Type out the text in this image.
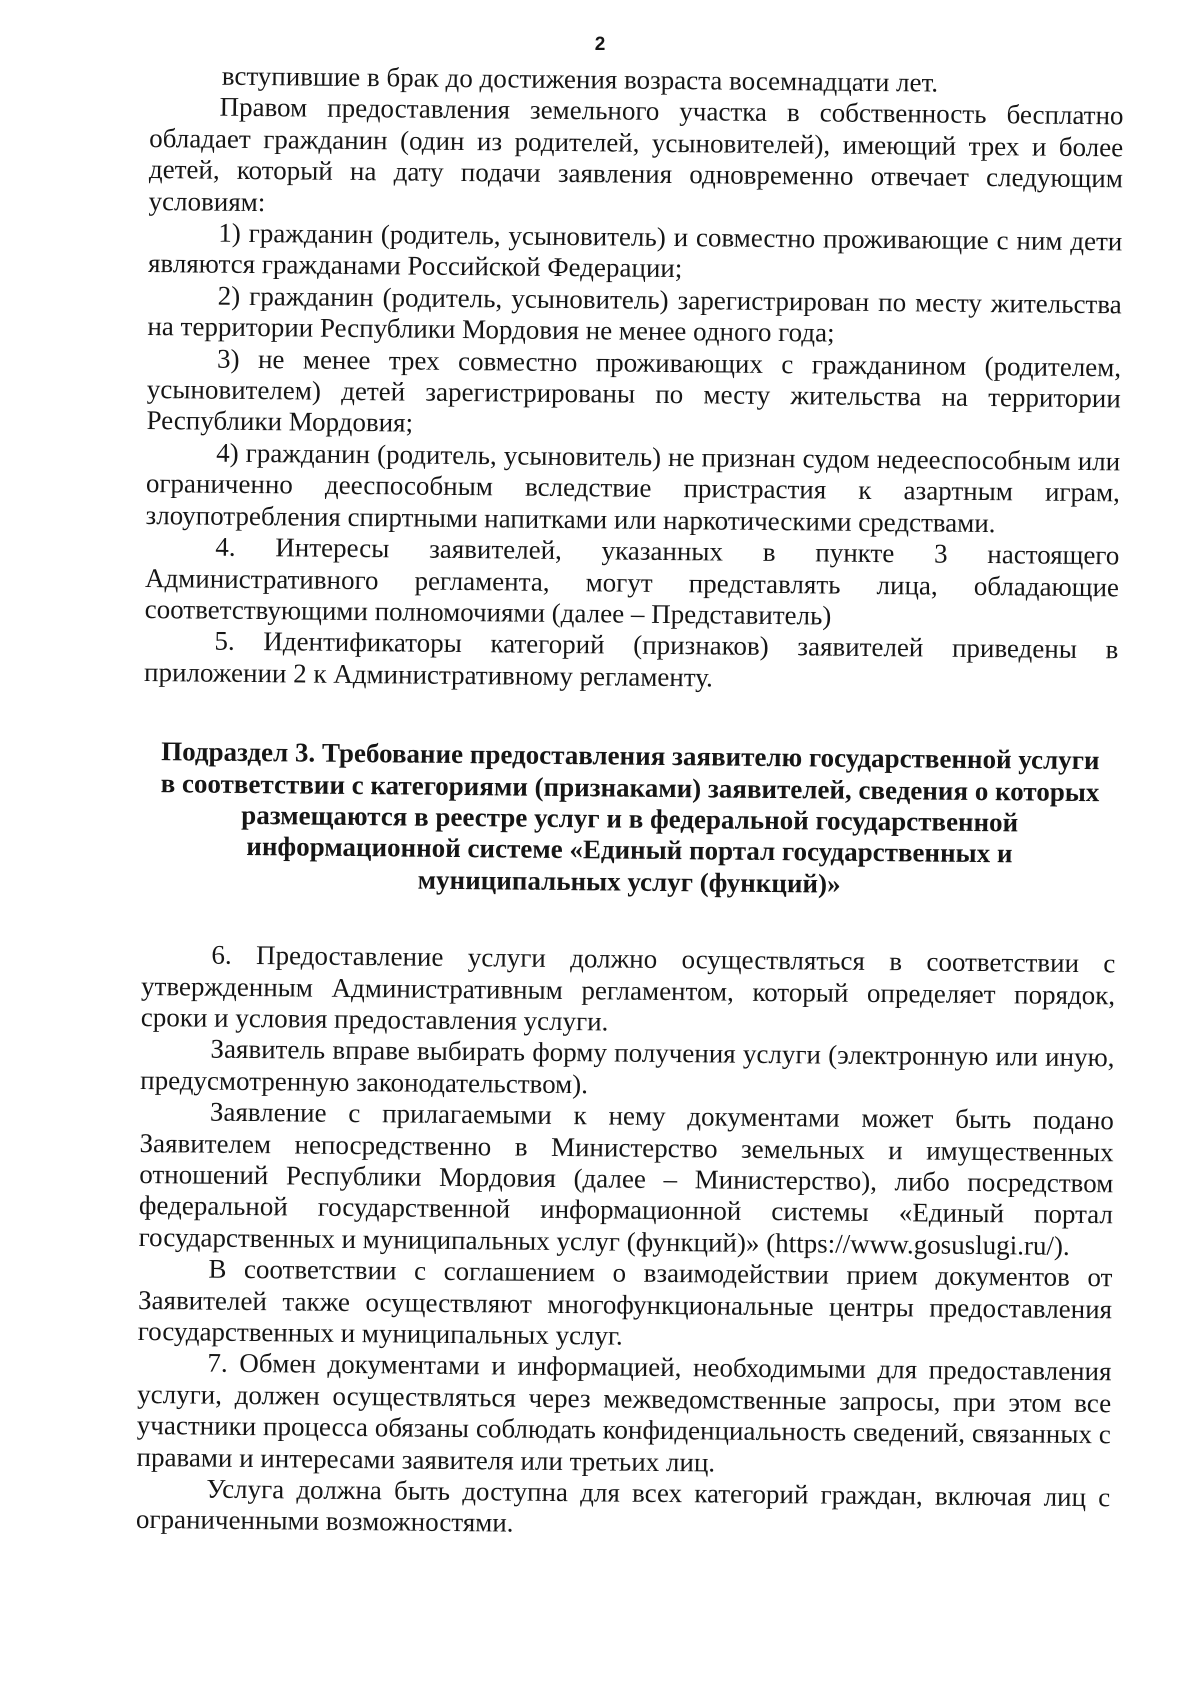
2

вступившие в брак до достижения возраста восемнадцати лет.

Правом предоставления земельного участка в собственность бесплатно обладает гражданин (один из родителей, усыновителей), имеющий трех и более детей, который на дату подачи заявления одновременно отвечает следующим условиям:

1) гражданин (родитель, усыновитель) и совместно проживающие с ним дети являются гражданами Российской Федерации;

2) гражданин (родитель, усыновитель) зарегистрирован по месту жительства на территории Республики Мордовия не менее одного года;

3) не менее трех совместно проживающих с гражданином (родителем, усыновителем) детей зарегистрированы по месту жительства на территории Республики Мордовия;

4) гражданин (родитель, усыновитель) не признан судом недееспособным или ограниченно дееспособным вследствие пристрастия к азартным играм, злоупотребления спиртными напитками или наркотическими средствами.

4. Интересы заявителей, указанных в пункте 3 настоящего Административного регламента, могут представлять лица, обладающие соответствующими полномочиями (далее – Представитель)

5. Идентификаторы категорий (признаков) заявителей приведены в приложении 2 к Административному регламенту.

Подраздел 3. Требование предоставления заявителю государственной услуги в соответствии с категориями (признаками) заявителей, сведения о которых размещаются в реестре услуг и в федеральной государственной информационной системе «Единый портал государственных и муниципальных услуг (функций)»

6. Предоставление услуги должно осуществляться в соответствии с утвержденным Административным регламентом, который определяет порядок, сроки и условия предоставления услуги.

Заявитель вправе выбирать форму получения услуги (электронную или иную, предусмотренную законодательством).

Заявление с прилагаемыми к нему документами может быть подано Заявителем непосредственно в Министерство земельных и имущественных отношений Республики Мордовия (далее – Министерство), либо посредством федеральной государственной информационной системы «Единый портал государственных и муниципальных услуг (функций)» (https://www.gosuslugi.ru/).

В соответствии с соглашением о взаимодействии прием документов от Заявителей также осуществляют многофункциональные центры предоставления государственных и муниципальных услуг.

7. Обмен документами и информацией, необходимыми для предоставления услуги, должен осуществляться через межведомственные запросы, при этом все участники процесса обязаны соблюдать конфиденциальность сведений, связанных с правами и интересами заявителя или третьих лиц.

Услуга должна быть доступна для всех категорий граждан, включая лиц с ограниченными возможностями.
